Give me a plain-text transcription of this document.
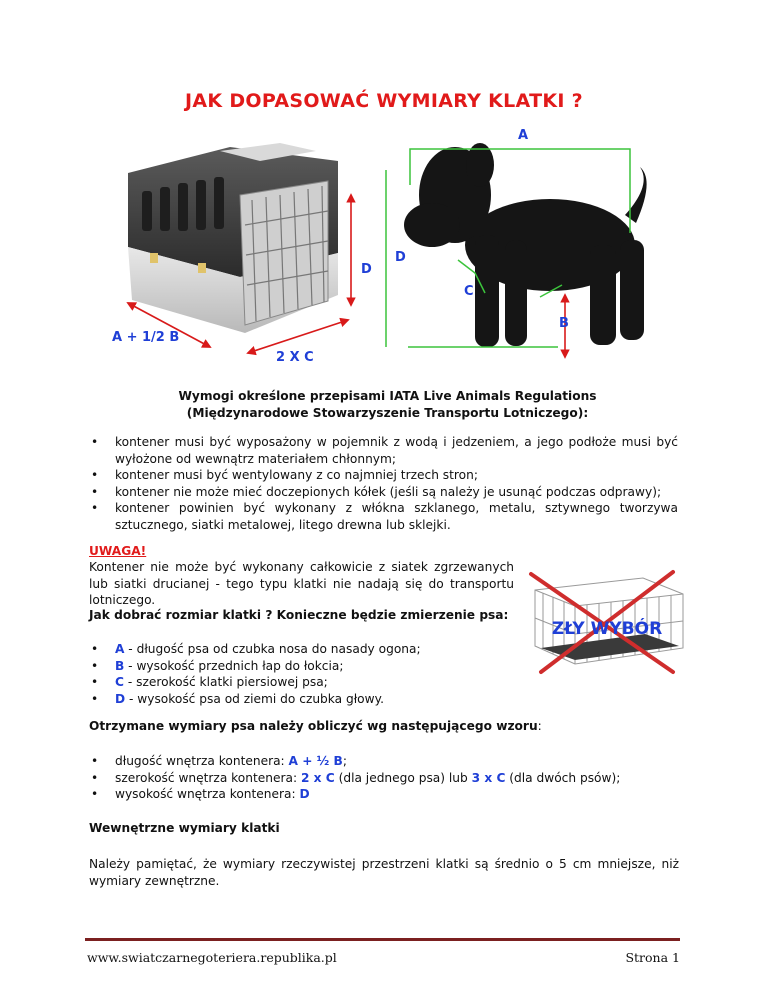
JAK DOPASOWAĆ WYMIARY KLATKI ?
A
D
D
C
B
A + 1/2 B
2 X C
Wymogi określone przepisami IATA Live Animals Regulations
(Międzynarodowe Stowarzyszenie Transportu Lotniczego):
• kontener musi być wyposażony w pojemnik z wodą i jedzeniem, a jego podłoże musi być wyłożone od wewnątrz materiałem chłonnym;
• kontener musi być wentylowany z co najmniej trzech stron;
• kontener nie może mieć doczepionych kółek (jeśli są należy je usunąć podczas odprawy);
• kontener powinien być wykonany z włókna szklanego, metalu, sztywnego tworzywa sztucznego, siatki metalowej, litego drewna lub sklejki.
UWAGA!
Kontener nie może być wykonany całkowicie z siatek zgrzewanych lub siatki drucianej - tego typu klatki nie nadają się do transportu lotniczego.
Jak dobrać rozmiar klatki ? Konieczne będzie zmierzenie psa:
• A - długość psa od czubka nosa do nasady ogona;
• B - wysokość przednich łap do łokcia;
• C - szerokość klatki piersiowej psa;
• D - wysokość psa od ziemi do czubka głowy.
ZŁY WYBÓR
Otrzymane wymiary psa należy obliczyć wg następującego wzoru:
• długość wnętrza kontenera: A + ½ B;
• szerokość wnętrza kontenera: 2 x C (dla jednego psa) lub 3 x C (dla dwóch psów);
• wysokość wnętrza kontenera: D
Wewnętrzne wymiary klatki
Należy pamiętać, że wymiary rzeczywistej przestrzeni klatki są średnio o 5 cm mniejsze, niż wymiary zewnętrzne.
www.swiatczarnegoteriera.republika.pl	Strona 1
